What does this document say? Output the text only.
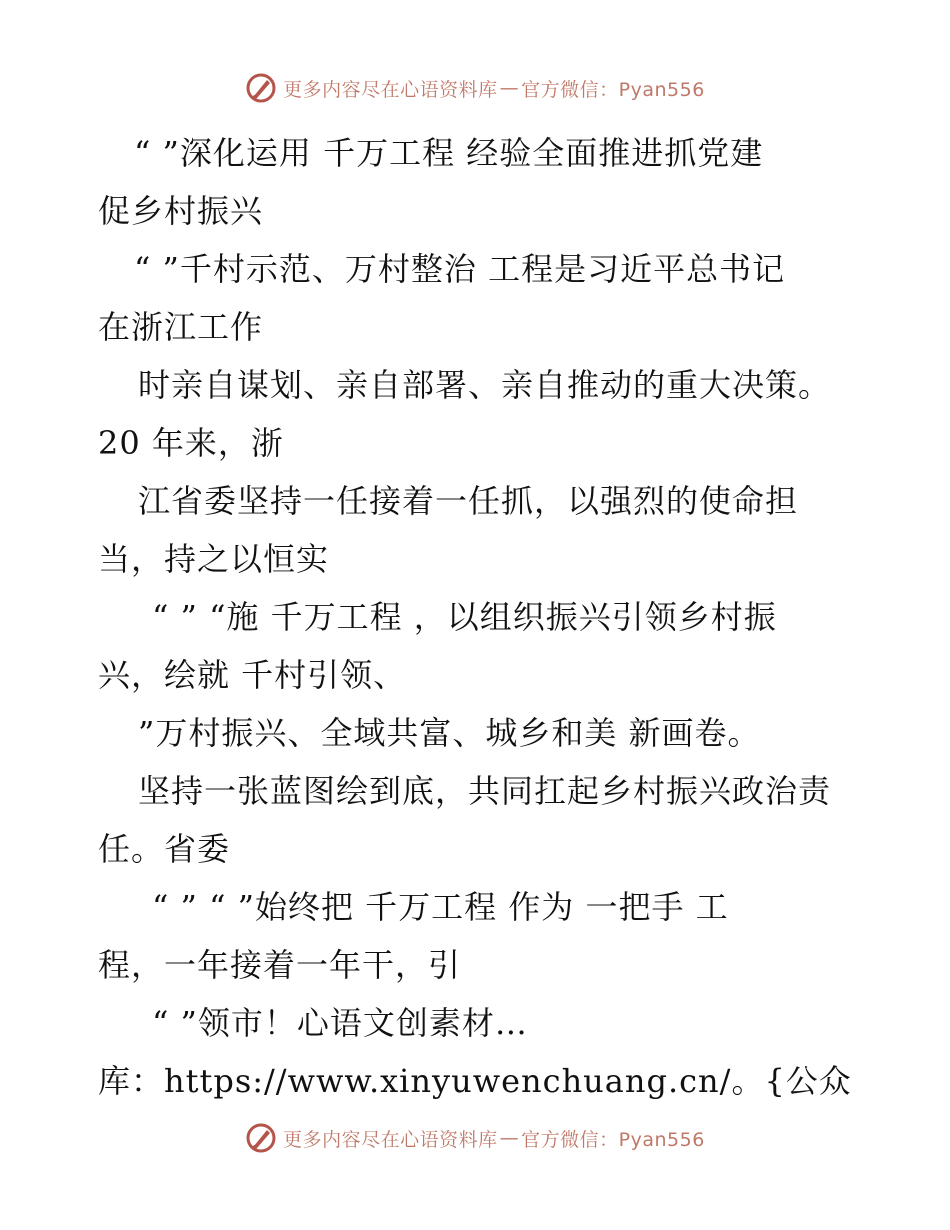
更多内容尽在心语资料库 — 官方微信：Pyan556
“ ”深化运用 千万工程 经验全面推进抓党建
促乡村振兴
“ ”千村示范、万村整治 工程是习近平总书记
在浙江工作
时亲自谋划、亲自部署、亲自推动的重大决策。
20 年来，浙
江省委坚持一任接着一任抓，以强烈的使命担
当，持之以恒实
“ ” “施 千万工程 ，以组织振兴引领乡村振
兴，绘就 千村引领、
”万村振兴、全域共富、城乡和美 新画卷。
坚持一张蓝图绘到底，共同扛起乡村振兴政治责
任。省委
“ ” “ ”始终把 千万工程 作为 一把手 工
程，一年接着一年干，引
“ ”领市！心语文创素材…
库：https://www.xinyuwenchuang.cn/。{公众
更多内容尽在心语资料库 — 官方微信：Pyan556
